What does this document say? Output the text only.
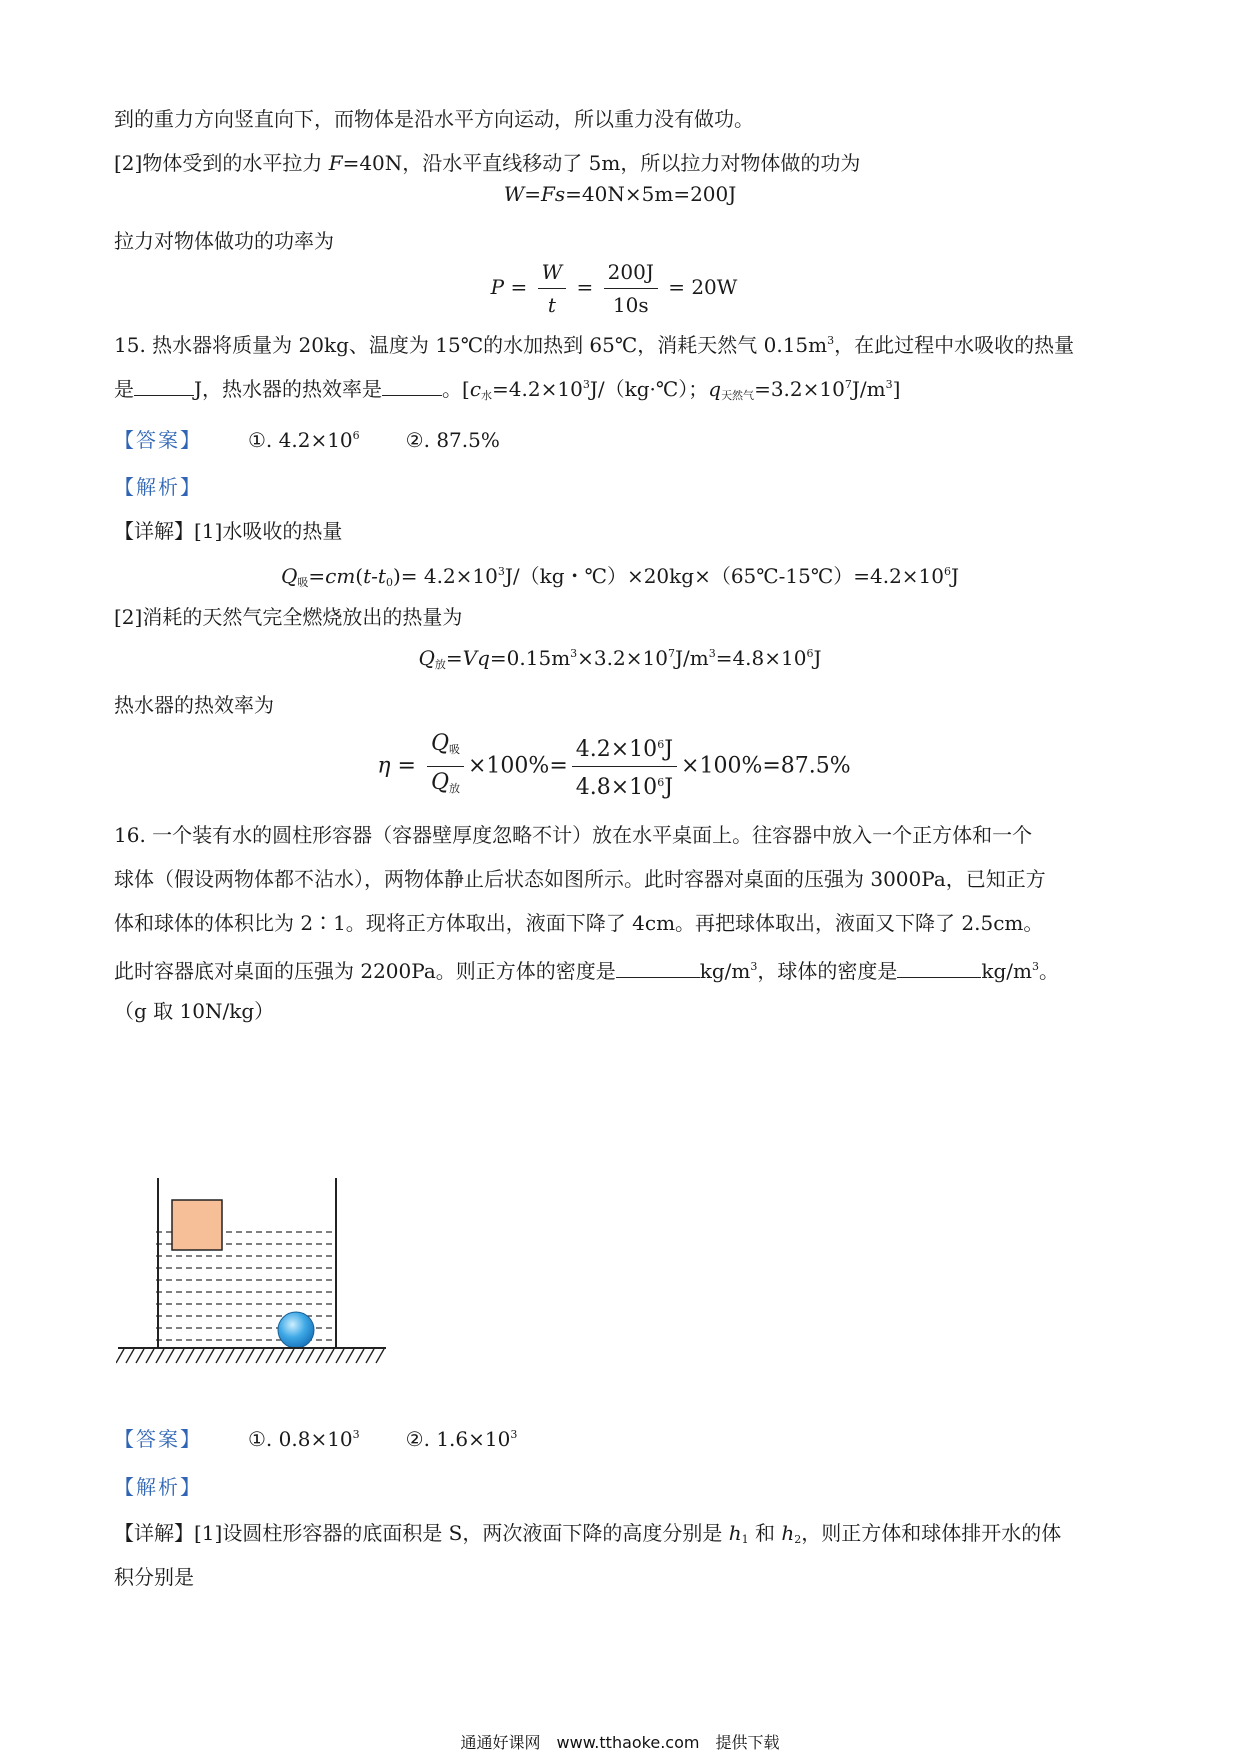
到的重力方向竖直向下，而物体是沿水平方向运动，所以重力没有做功。
[2]物体受到的水平拉力 F=40N，沿水平直线移动了 5m，所以拉力对物体做的功为
W=Fs=40N×5m=200J
拉力对物体做功的功率为
$P = \frac{W}{t} = \frac{200J}{10s} = 20W$
15. 热水器将质量为 20kg、温度为 15℃的水加热到 65℃，消耗天然气 $0.15m^3$，在此过程中水吸收的热量
是	J，热水器的热效率是	。[$c_水=4.2\times 10^3J/(kg\cdot℃)$；$q_{天然气}=3.2\times 10^7J/m^3$]
【答案】 ①. $4.2\times 10^6$ ②. 87.5%
【解析】
【详解】[1]水吸收的热量
$Q_吸=cm(t-t_0)= 4.2\times 10^3J/(kg$・$℃)\times 20kg\times(65℃-15℃)=4.2\times 10^6J$
[2]消耗的天然气完全燃烧放出的热量为
$Q_放=Vq=0.15m^3\times 3.2\times 10^7J/m^3=4.8\times 10^6J$
热水器的热效率为
$\eta = \frac{Q_吸}{Q_放} \times 100\%= \frac{4.2\times 10^6J}{4.8\times 10^6J} \times 100\%=87.5\%$
16. 一个装有水的圆柱形容器（容器壁厚度忽略不计）放在水平桌面上。往容器中放入一个正方体和一个
球体（假设两物体都不沾水），两物体静止后状态如图所示。此时容器对桌面的压强为 3000Pa，已知正方
体和球体的体积比为 2∶1。现将正方体取出，液面下降了 4cm。再把球体取出，液面又下降了 2.5cm。
此时容器底对桌面的压强为 2200Pa。则正方体的密度是	$kg/m^3$，球体的密度是	$kg/m^3$。
（g 取 10N/kg）
【答案】 ①. $0.8\times 10^3$ ②. $1.6\times 10^3$
【解析】
【详解】[1]设圆柱形容器的底面积是 S，两次液面下降的高度分别是 $h_1$ 和 $h_2$，则正方体和球体排开水的体
积分别是
通通好课网　www.tthaoke.com　提供下载
